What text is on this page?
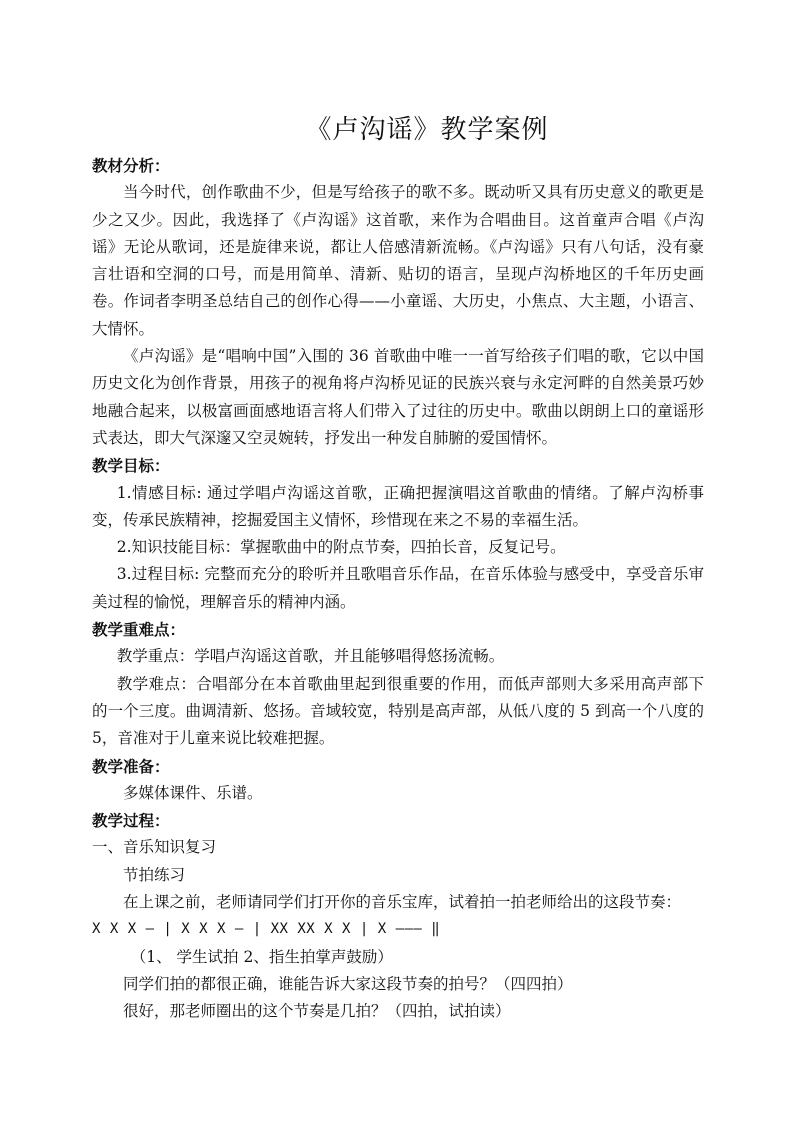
《卢沟谣》教学案例
教材分析：
当今时代，创作歌曲不少，但是写给孩子的歌不多。既动听又具有历史意义的歌更是少之又少。因此，我选择了《卢沟谣》这首歌，来作为合唱曲目。这首童声合唱《卢沟谣》无论从歌词，还是旋律来说，都让人倍感清新流畅。《卢沟谣》只有八句话，没有豪言壮语和空洞的口号，而是用简单、清新、贴切的语言，呈现卢沟桥地区的千年历史画卷。作词者李明圣总结自己的创作心得——小童谣、大历史，小焦点、大主题，小语言、大情怀。
《卢沟谣》是“唱响中国”入围的 36 首歌曲中唯一一首写给孩子们唱的歌，它以中国历史文化为创作背景，用孩子的视角将卢沟桥见证的民族兴衰与永定河畔的自然美景巧妙地融合起来，以极富画面感地语言将人们带入了过往的历史中。歌曲以朗朗上口的童谣形式表达，即大气深邃又空灵婉转，抒发出一种发自肺腑的爱国情怀。
教学目标：
1.情感目标: 通过学唱卢沟谣这首歌，正确把握演唱这首歌曲的情绪。了解卢沟桥事变，传承民族精神，挖掘爱国主义情怀，珍惜现在来之不易的幸福生活。
2.知识技能目标：掌握歌曲中的附点节奏，四拍长音，反复记号。
3.过程目标: 完整而充分的聆听并且歌唱音乐作品，在音乐体验与感受中，享受音乐审美过程的愉悦，理解音乐的精神内涵。
教学重难点：
教学重点：学唱卢沟谣这首歌，并且能够唱得悠扬流畅。
教学难点：合唱部分在本首歌曲里起到很重要的作用，而低声部则大多采用高声部下的一个三度。曲调清新、悠扬。音域较宽，特别是高声部，从低八度的 5 到高一个八度的 5，音准对于儿童来说比较难把握。
教学准备：
多媒体课件、乐谱。
教学过程：
一、音乐知识复习
节拍练习
在上课之前，老师请同学们打开你的音乐宝库，试着拍一拍老师给出的这段节奏：
X X X — | X X X — | XX XX X X | X ——— ‖
（1、 学生试拍 2、指生拍掌声鼓励）
同学们拍的都很正确，谁能告诉大家这段节奏的拍号？（四四拍）
很好，那老师圈出的这个节奏是几拍？（四拍，试拍读）
